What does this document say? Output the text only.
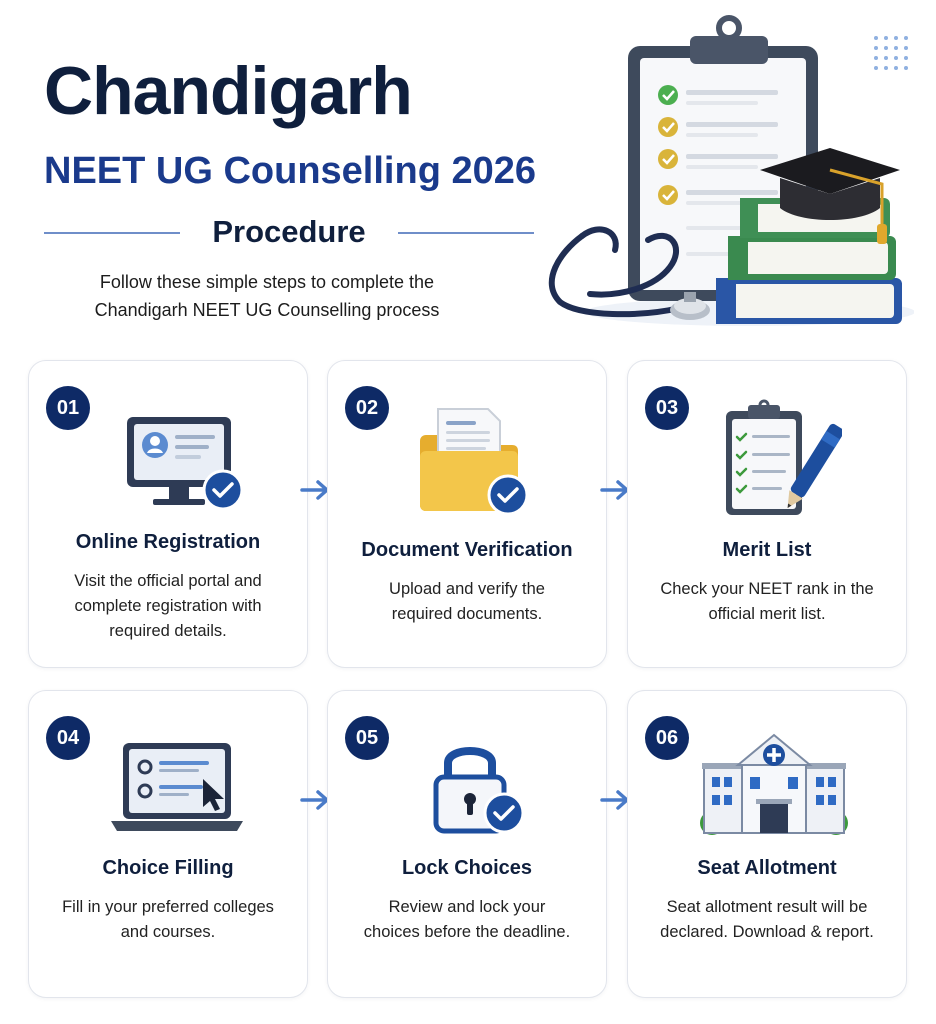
Chandigarh
NEET UG Counselling 2026
Procedure
Follow these simple steps to complete the
Chandigarh NEET UG Counselling process
01
Online Registration
Visit the official portal and
complete registration with
required details.
02
Document Verification
Upload and verify the
required documents.
03
Merit List
Check your NEET rank in the
official merit list.
04
Choice Filling
Fill in your preferred colleges
and courses.
05
Lock Choices
Review and lock your
choices before the deadline.
06
Seat Allotment
Seat allotment result will be
declared. Download & report.
